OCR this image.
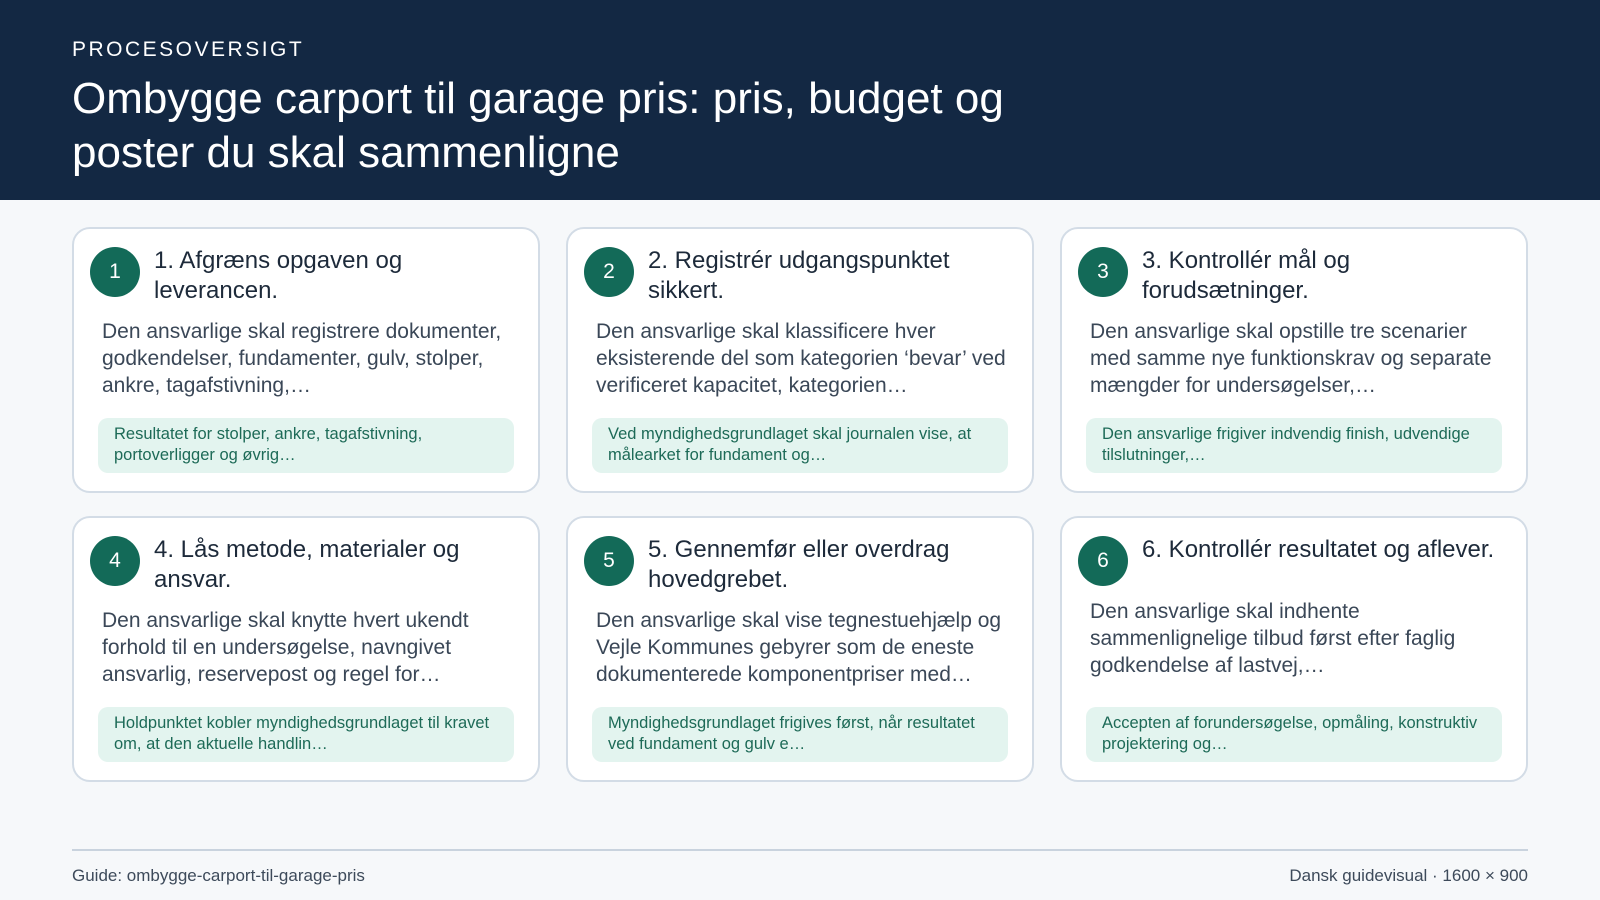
PROCESOVERSIGT
Ombygge carport til garage pris: pris, budget og poster du skal sammenligne
1	1. Afgræns opgaven og leverancen.
Den ansvarlige skal registrere dokumenter, godkendelser, fundamenter, gulv, stolper, ankre, tagafstivning,…
Resultatet for stolper, ankre, tagafstivning, portoverligger og øvrig…
2	2. Registrér udgangspunktet sikkert.
Den ansvarlige skal klassificere hver eksisterende del som kategorien ‘bevar’ ved verificeret kapacitet, kategorien…
Ved myndighedsgrundlaget skal journalen vise, at målearket for fundament og…
3	3. Kontrollér mål og forudsætninger.
Den ansvarlige skal opstille tre scenarier med samme nye funktionskrav og separate mængder for undersøgelser,…
Den ansvarlige frigiver indvendig finish, udvendige tilslutninger,…
4	4. Lås metode, materialer og ansvar.
Den ansvarlige skal knytte hvert ukendt forhold til en undersøgelse, navngivet ansvarlig, reservepost og regel for…
Holdpunktet kobler myndighedsgrundlaget til kravet om, at den aktuelle handlin…
5	5. Gennemfør eller overdrag hovedgrebet.
Den ansvarlige skal vise tegnestuehjælp og Vejle Kommunes gebyrer som de eneste dokumenterede komponentpriser med…
Myndighedsgrundlaget frigives først, når resultatet ved fundament og gulv e…
6	6. Kontrollér resultatet og aflever.
Den ansvarlige skal indhente sammenlignelige tilbud først efter faglig godkendelse af lastvej,…
Accepten af forundersøgelse, opmåling, konstruktiv projektering og…
Guide: ombygge-carport-til-garage-pris	Dansk guidevisual · 1600 × 900
